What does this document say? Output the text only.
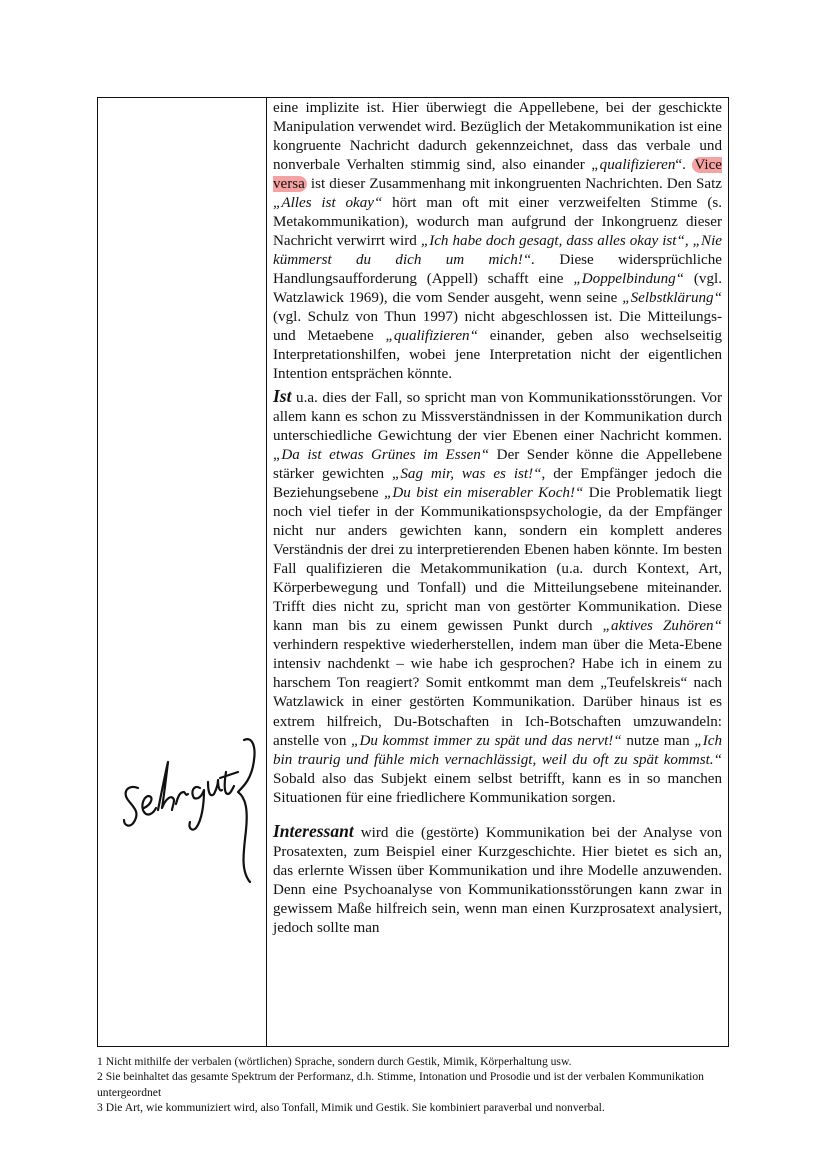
eine implizite ist. Hier überwiegt die Appellebene, bei der geschickte Manipulation verwendet wird. Bezüglich der Metakommunikation ist eine kongruente Nachricht dadurch gekennzeichnet, dass das verbale und nonverbale Verhalten stimmig sind, also einander „qualifizieren“. Vice versa ist dieser Zusammenhang mit inkongruenten Nachrichten. Den Satz „Alles ist okay“ hört man oft mit einer verzweifelten Stimme (s. Metakommunikation), wodurch man aufgrund der Inkongruenz dieser Nachricht verwirrt wird „Ich habe doch gesagt, dass alles okay ist“, „Nie kümmerst du dich um mich!“. Diese widersprüchliche Handlungsaufforderung (Appell) schafft eine „Doppelbindung“ (vgl. Watzlawick 1969), die vom Sender ausgeht, wenn seine „Selbstklärung“ (vgl. Schulz von Thun 1997) nicht abgeschlossen ist. Die Mitteilungs- und Metaebene „qualifizieren“ einander, geben also wechselseitig Interpretationshilfen, wobei jene Interpretation nicht der eigentlichen Intention entsprächen könnte.

Ist u.a. dies der Fall, so spricht man von Kommunikationsstörungen. Vor allem kann es schon zu Missverständnissen in der Kommunikation durch unterschiedliche Gewichtung der vier Ebenen einer Nachricht kommen. „Da ist etwas Grünes im Essen“ Der Sender könne die Appellebene stärker gewichten „Sag mir, was es ist!“, der Empfänger jedoch die Beziehungsebene „Du bist ein miserabler Koch!“ Die Problematik liegt noch viel tiefer in der Kommunikationspsychologie, da der Empfänger nicht nur anders gewichten kann, sondern ein komplett anderes Verständnis der drei zu interpretierenden Ebenen haben könnte. Im besten Fall qualifizieren die Metakommunikation (u.a. durch Kontext, Art, Körperbewegung und Tonfall) und die Mitteilungsebene miteinander. Trifft dies nicht zu, spricht man von gestörter Kommunikation. Diese kann man bis zu einem gewissen Punkt durch „aktives Zuhören“ verhindern respektive wiederherstellen, indem man über die Meta-Ebene intensiv nachdenkt – wie habe ich gesprochen? Habe ich in einem zu harschem Ton reagiert? Somit entkommt man dem „Teufelskreis“ nach Watzlawick in einer gestörten Kommunikation. Darüber hinaus ist es extrem hilfreich, Du-Botschaften in Ich-Botschaften umzuwandeln: anstelle von „Du kommst immer zu spät und das nervt!“ nutze man „Ich bin traurig und fühle mich vernachlässigt, weil du oft zu spät kommst.“ Sobald also das Subjekt einem selbst betrifft, kann es in so manchen Situationen für eine friedlichere Kommunikation sorgen.

Interessant wird die (gestörte) Kommunikation bei der Analyse von Prosatexten, zum Beispiel einer Kurzgeschichte. Hier bietet es sich an, das erlernte Wissen über Kommunikation und ihre Modelle anzuwenden. Denn eine Psychoanalyse von Kommunikationsstörungen kann zwar in gewissem Maße hilfreich sein, wenn man einen Kurzprosatext analysiert, jedoch sollte man

1 Nicht mithilfe der verbalen (wörtlichen) Sprache, sondern durch Gestik, Mimik, Körperhaltung usw.
2 Sie beinhaltet das gesamte Spektrum der Performanz, d.h. Stimme, Intonation und Prosodie und ist der verbalen Kommunikation untergeordnet
3 Die Art, wie kommuniziert wird, also Tonfall, Mimik und Gestik. Sie kombiniert paraverbal und nonverbal.
